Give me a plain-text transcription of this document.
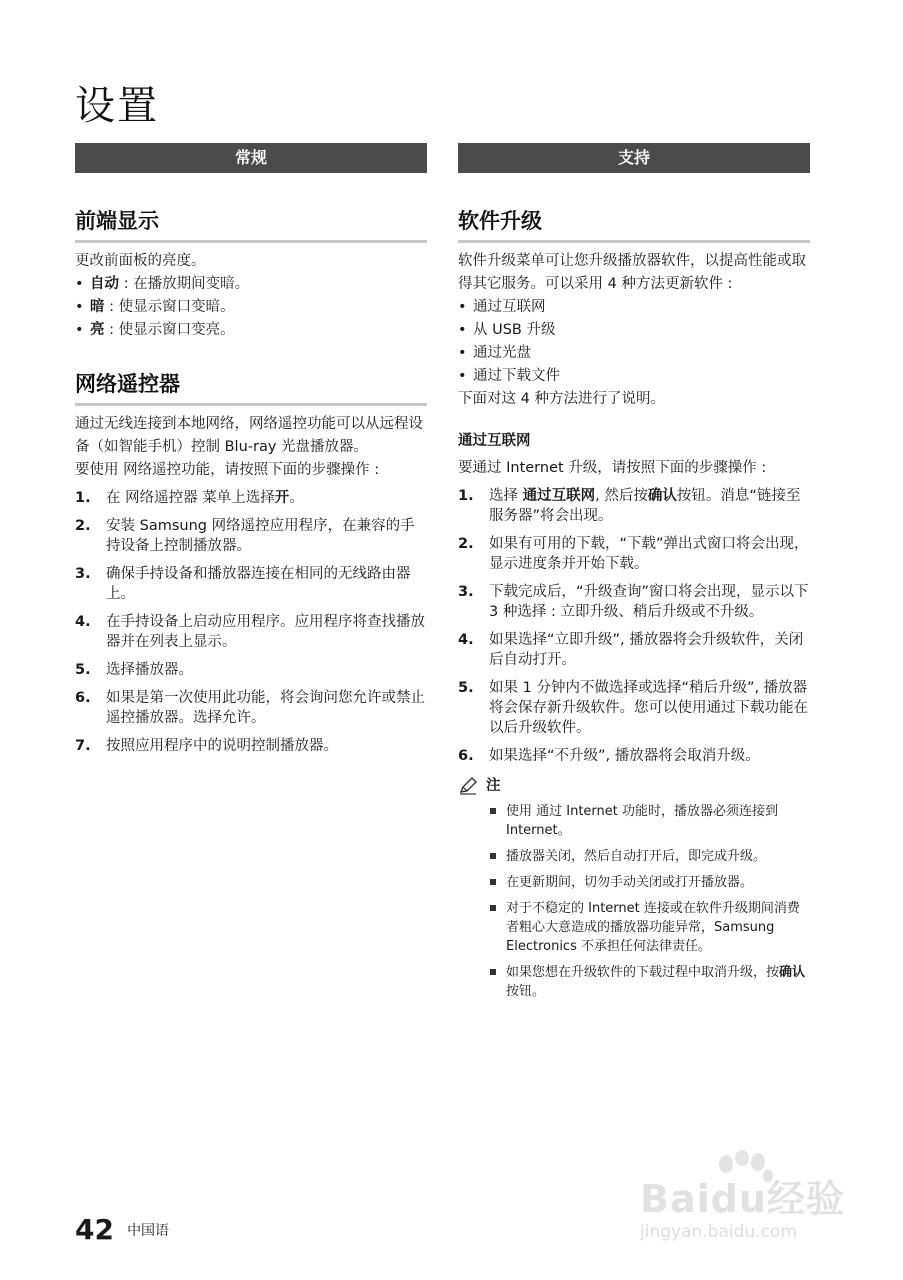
设置
常规
前端显示
更改前面板的亮度。
• 自动 : 在播放期间变暗。
• 暗 : 使显示窗口变暗。
• 亮 : 使显示窗口变亮。
网络遥控器
通过无线连接到本地网络，网络遥控功能可以从远程设备（如智能手机）控制 Blu-ray 光盘播放器。
要使用 网络遥控功能，请按照下面的步骤操作 :
1. 在 网络遥控器 菜单上选择开。
2. 安装 Samsung 网络遥控应用程序，在兼容的手持设备上控制播放器。
3. 确保手持设备和播放器连接在相同的无线路由器上。
4. 在手持设备上启动应用程序。应用程序将查找播放器并在列表上显示。
5. 选择播放器。
6. 如果是第一次使用此功能，将会询问您允许或禁止遥控播放器。选择允许。
7. 按照应用程序中的说明控制播放器。
支持
软件升级
软件升级菜单可让您升级播放器软件，以提高性能或取得其它服务。可以采用 4 种方法更新软件 :
• 通过互联网
• 从 USB 升级
• 通过光盘
• 通过下载文件
下面对这 4 种方法进行了说明。
通过互联网
要通过 Internet 升级，请按照下面的步骤操作 :
1. 选择 通过互联网, 然后按确认按钮。消息“链接至服务器”将会出现。
2. 如果有可用的下载，“下载”弹出式窗口将会出现，显示进度条并开始下载。
3. 下载完成后，“升级查询”窗口将会出现，显示以下 3 种选择 : 立即升级、稍后升级或不升级。
4. 如果选择“立即升级”, 播放器将会升级软件，关闭后自动打开。
5. 如果 1 分钟内不做选择或选择“稍后升级”, 播放器将会保存新升级软件。您可以使用通过下载功能在以后升级软件。
6. 如果选择“不升级”, 播放器将会取消升级。
注
使用 通过 Internet 功能时，播放器必须连接到 Internet。
播放器关闭，然后自动打开后，即完成升级。
在更新期间，切勿手动关闭或打开播放器。
对于不稳定的 Internet 连接或在软件升级期间消费者粗心大意造成的播放器功能异常，Samsung Electronics 不承担任何法律责任。
如果您想在升级软件的下载过程中取消升级，按确认按钮。
42 中国语
Baidu经验
jingyan.baidu.com
